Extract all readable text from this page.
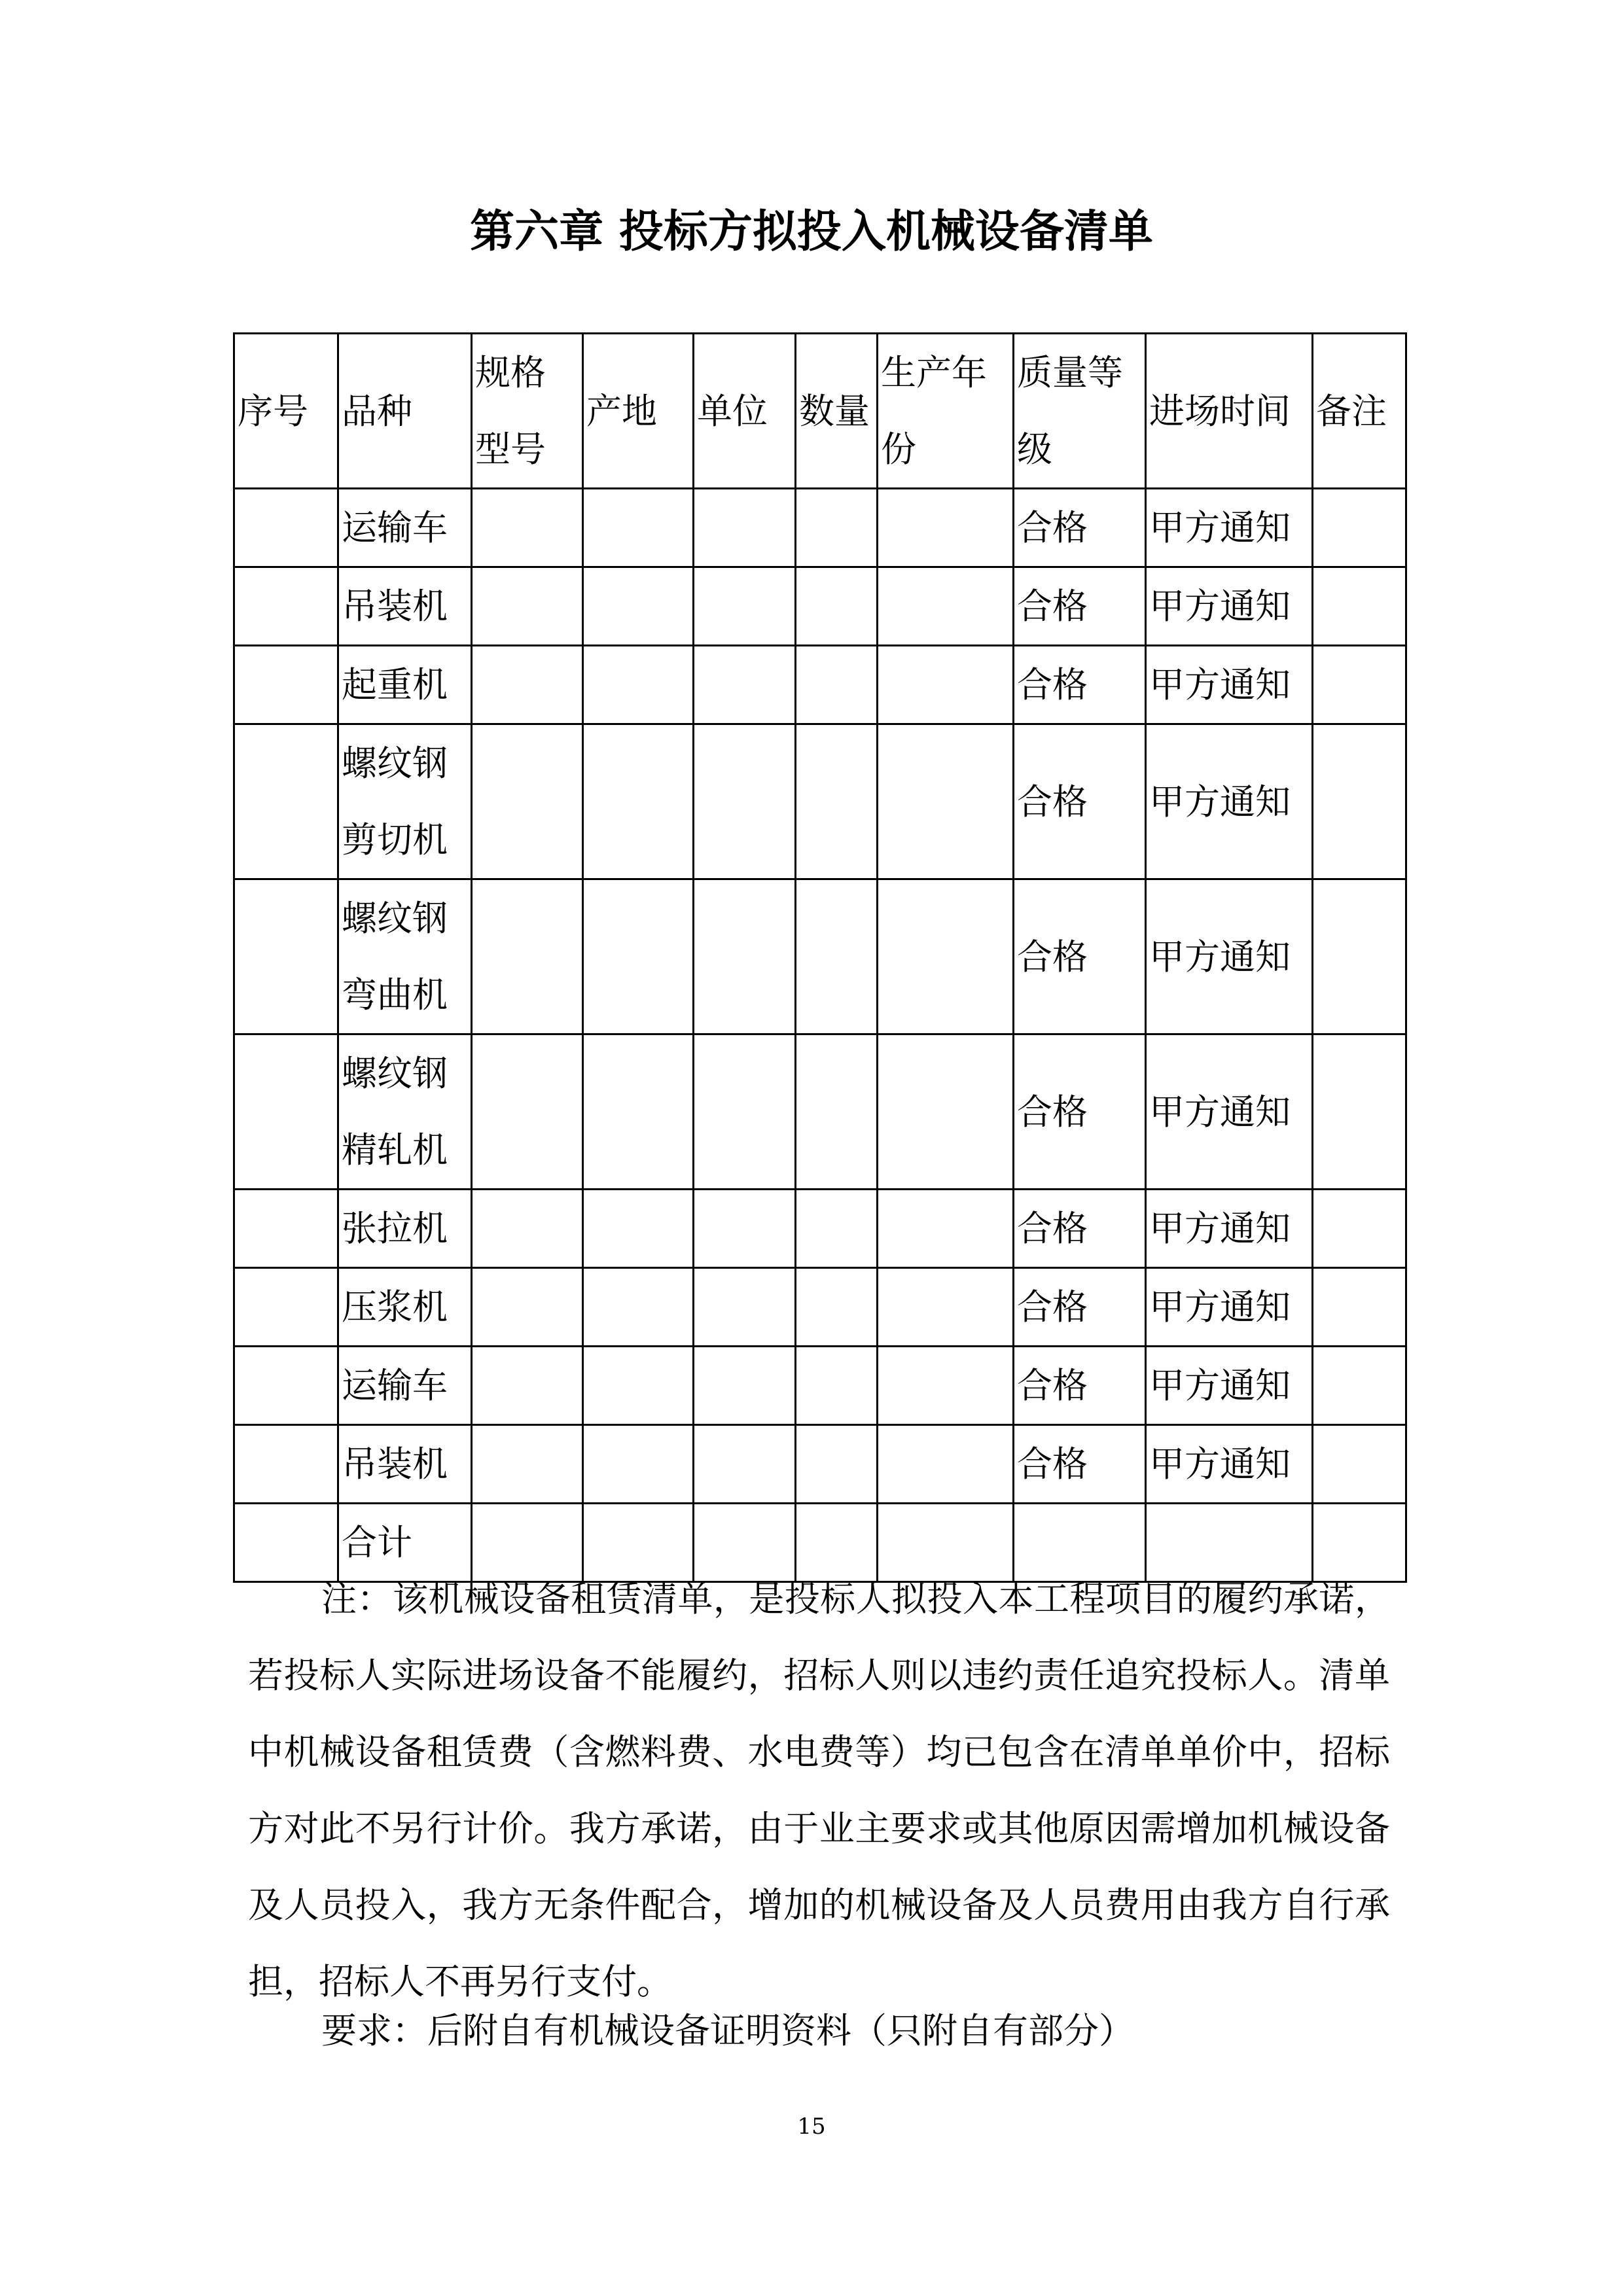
第六章 投标方拟投入机械设备清单
序号	品种	规格型号	产地	单位	数量	生产年份	质量等级	进场时间	备注
	运输车						合格	甲方通知	
	吊装机						合格	甲方通知	
	起重机						合格	甲方通知	
	螺纹钢剪切机						合格	甲方通知	
	螺纹钢弯曲机						合格	甲方通知	
	螺纹钢精轧机						合格	甲方通知	
	张拉机						合格	甲方通知	
	压浆机						合格	甲方通知	
	运输车						合格	甲方通知	
	吊装机						合格	甲方通知	
	合计								

注：该机械设备租赁清单，是投标人拟投入本工程项目的履约承诺，若投标人实际进场设备不能履约，招标人则以违约责任追究投标人。清单中机械设备租赁费（含燃料费、水电费等）均已包含在清单单价中，招标方对此不另行计价。我方承诺，由于业主要求或其他原因需增加机械设备及人员投入，我方无条件配合，增加的机械设备及人员费用由我方自行承担，招标人不再另行支付。

要求：后附自有机械设备证明资料（只附自有部分）

15
